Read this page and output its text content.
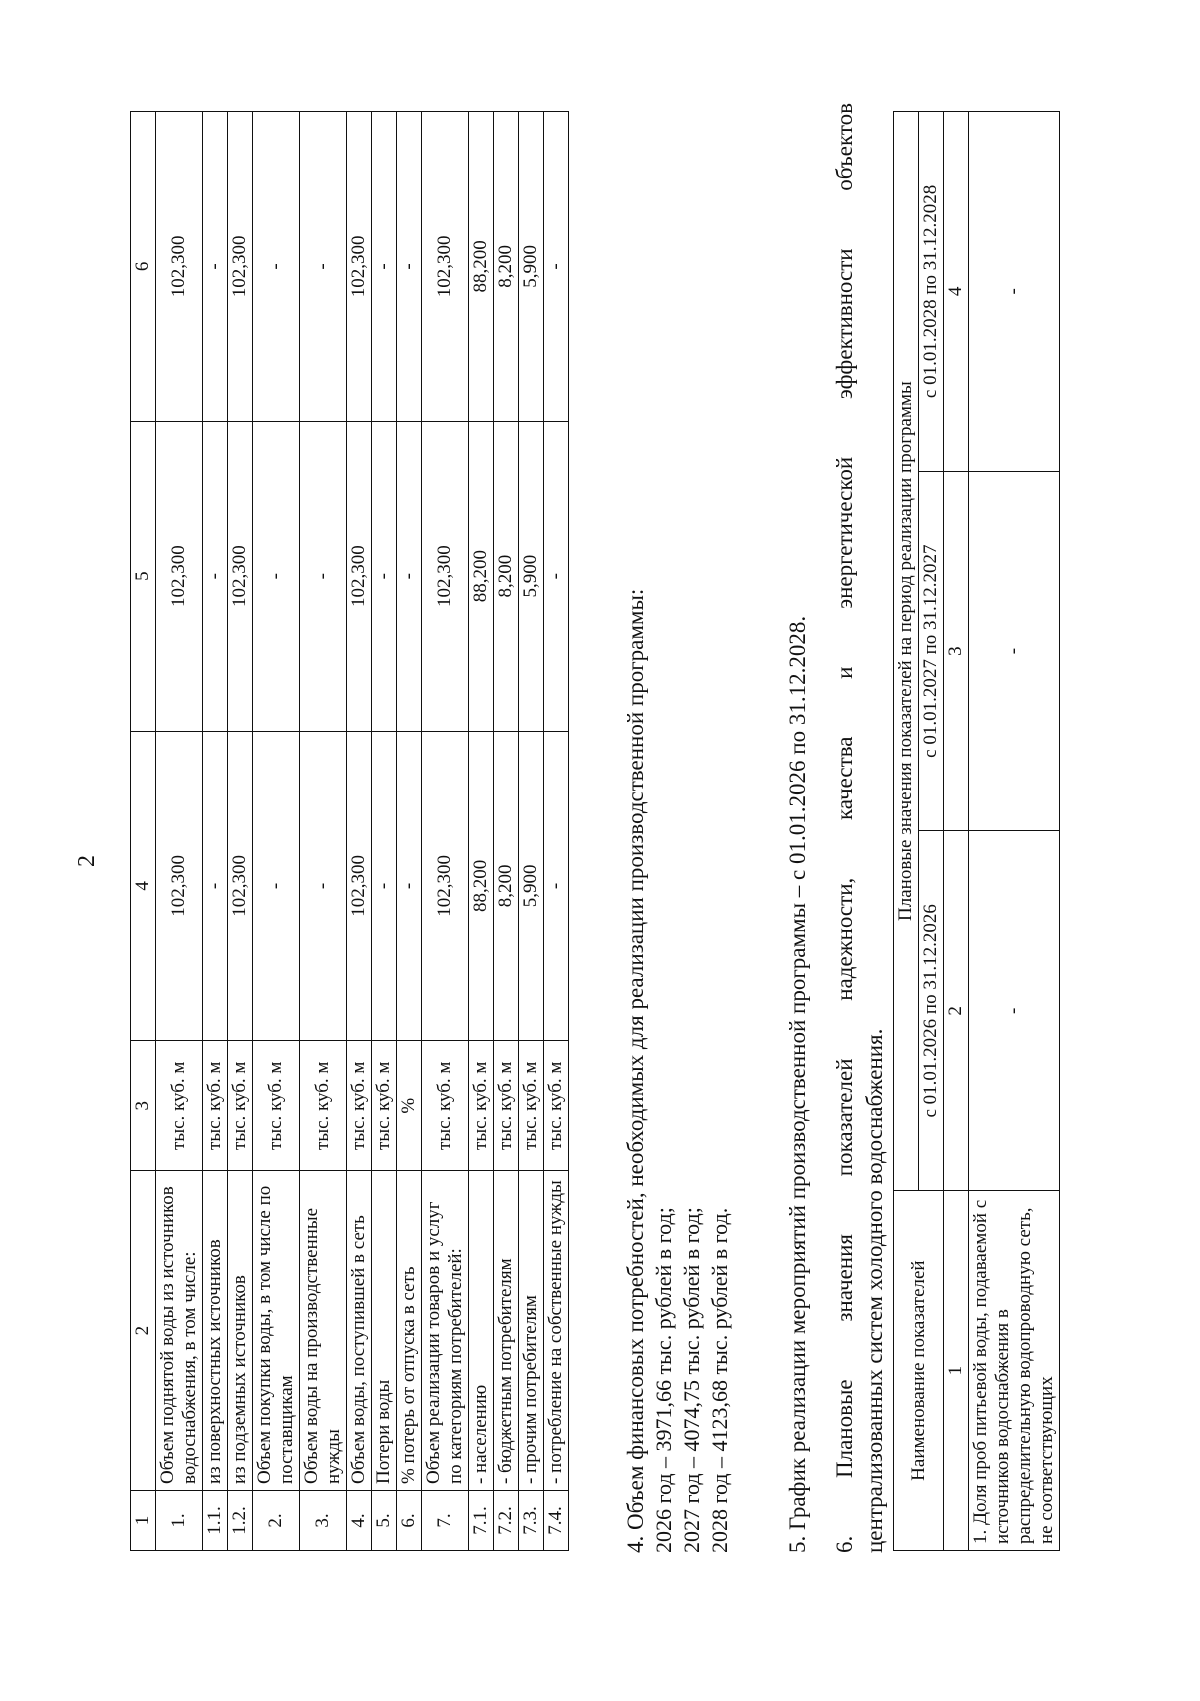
2
1	2	3	4	5	6
1.	Объем поднятой воды из источников водоснабжения, в том числе:	тыс. куб. м	102,300	102,300	102,300
1.1.	из поверхностных источников	тыс. куб. м	-	-	-
1.2.	из подземных источников	тыс. куб. м	102,300	102,300	102,300
2.	Объем покупки воды, в том числе по поставщикам	тыс. куб. м	-	-	-
3.	Объем воды на производственные нужды	тыс. куб. м	-	-	-
4.	Объем воды, поступившей в сеть	тыс. куб. м	102,300	102,300	102,300
5.	Потери воды	тыс. куб. м	-	-	-
6.	% потерь от отпуска в сеть	%	-	-	-
7.	Объем реализации товаров и услуг по категориям потребителей:	тыс. куб. м	102,300	102,300	102,300
7.1.	- населению	тыс. куб. м	88,200	88,200	88,200
7.2.	- бюджетным потребителям	тыс. куб. м	8,200	8,200	8,200
7.3.	- прочим потребителям	тыс. куб. м	5,900	5,900	5,900
7.4.	- потребление на собственные нужды	тыс. куб. м	-	-	-
4. Объем финансовых потребностей, необходимых для реализации производственной программы: 2026 год – 3971,66 тыс. рублей в год; 2027 год – 4074,75 тыс. рублей в год; 2028 год – 4123,68 тыс. рублей в год. 5. График реализации мероприятий производственной программы – с 01.01.2026 по 31.12.2028. 6. Плановые значения показателей надежности, качества и энергетической эффективности объектов централизованных систем холодного водоснабжения. Наименование показателей	Плановые значения показателей на период реализации программы		
	с 01.01.2026 по 31.12.2026	с 01.01.2027 по 31.12.2027	с 01.01.2028 по 31.12.2028
1	2	3	4
1. Доля проб питьевой воды, подаваемой с источников водоснабжения в распределительную водопроводную сеть, не соответствующих	-	-	-
